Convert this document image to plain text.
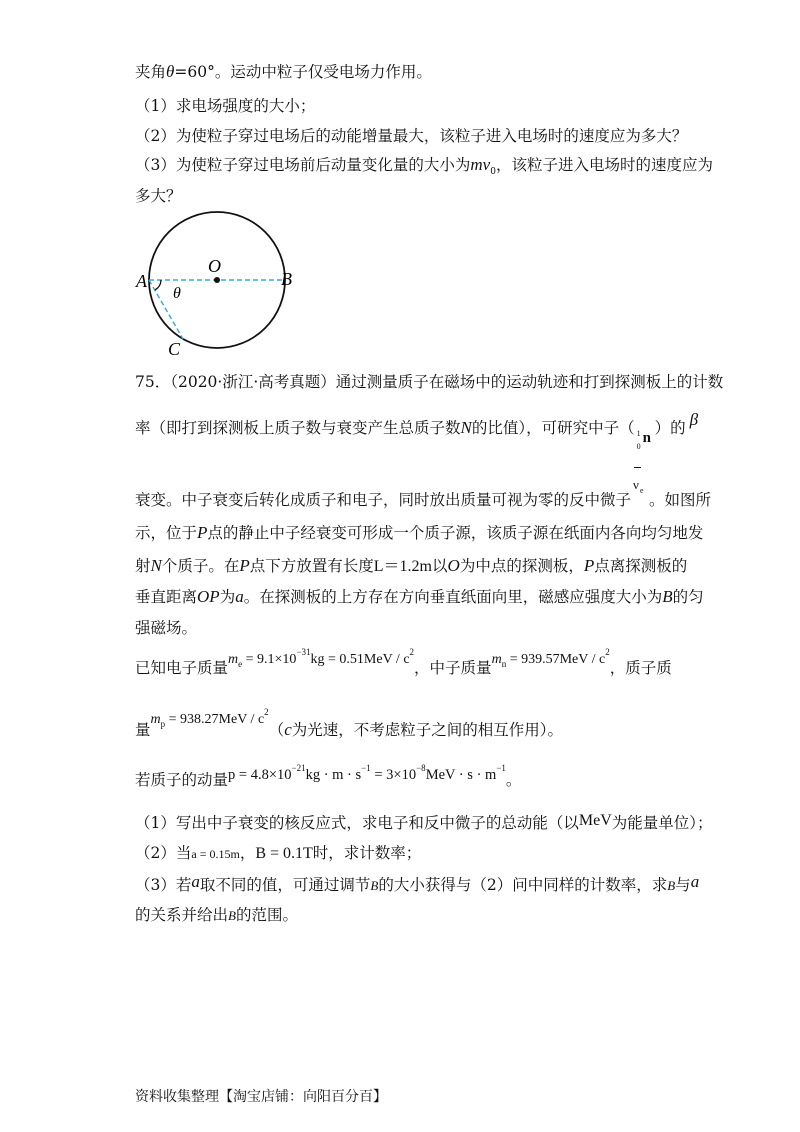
夹角θ=60°。运动中粒子仅受电场力作用。
（1）求电场强度的大小；
（2）为使粒子穿过电场后的动能增量最大，该粒子进入电场时的速度应为多大？
（3）为使粒子穿过电场前后动量变化量的大小为$mv_0$，该粒子进入电场时的速度应为
多大？
O
A	B
C
θ
75．（2020·浙江·高考真题）通过测量质子在磁场中的运动轨迹和打到探测板上的计数
率（即打到探测板上质子数与衰变产生总质子数N的比值），可研究中子（ 1
0
n
）的 β
衰变。中子衰变后转化成质子和电子，同时放出质量可视为零的反中微子
ν e
。如图所
示，位于P点的静止中子经衰变可形成一个质子源，该质子源在纸面内各向均匀地发
射N个质子。在P点下方放置有长度L＝1.2m以O为中点的探测板，P点离探测板的
垂直距离OP为a。在探测板的上方存在方向垂直纸面向里，磁感应强度大小为B的匀
强磁场。
已知电子质量$m_e = 9.1\times 10^{-31}kg = 0.51MeV / c^2$，中子质量$m_n = 939.57MeV / c^2$，质子质
量$m_p = 938.27MeV / c^2(c$为光速，不考虑粒子之间的相互作用）。
若质子的动量$p = 4.8\times 10^{-21}kg \cdot m \cdot s^{-1} = 3\times 10^{-8}MeV \cdot s \cdot m^{-1}$。
（1）写出中子衰变的核反应式，求电子和反中微子的总动能（以MeV为能量单位）；
（2）当a = 0.15m，B = 0.1T时，求计数率；
（3）若a取不同的值，可通过调节B的大小获得与（2）问中同样的计数率，求B与a
的关系并给出B的范围。
资料收集整理【淘宝店铺：向阳百分百】
